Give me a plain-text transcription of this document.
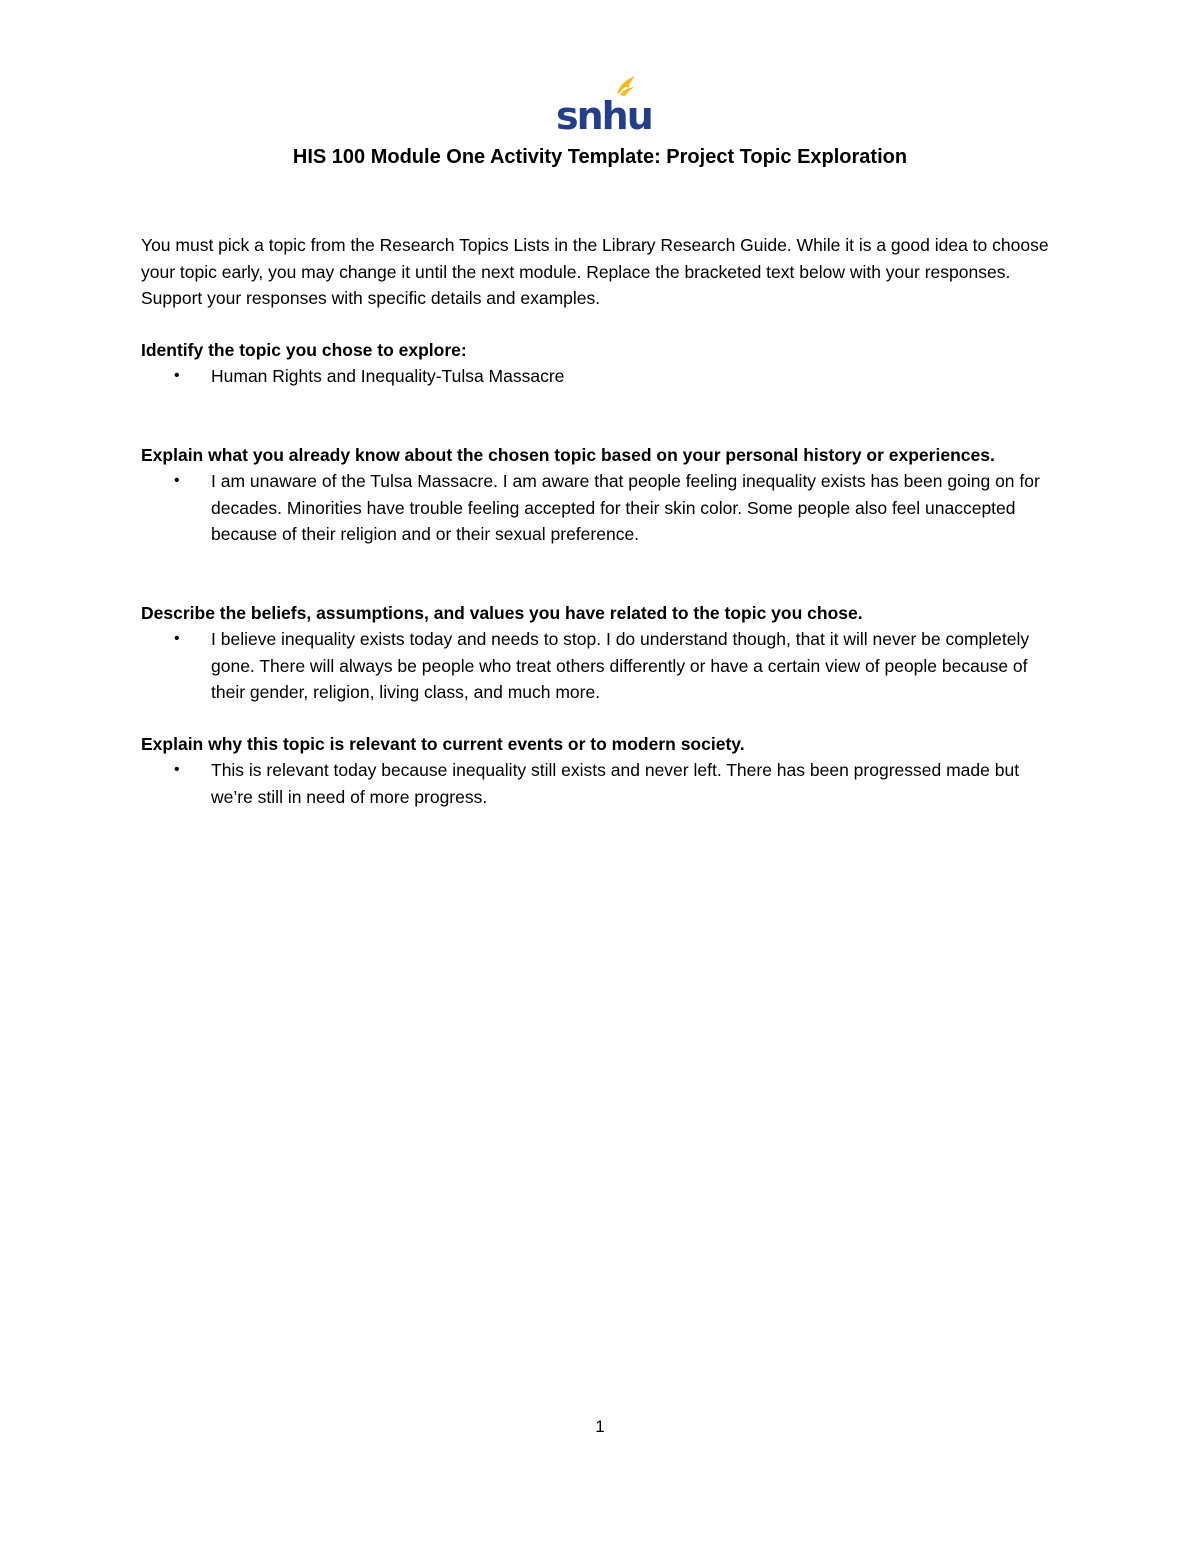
snhu
HIS 100 Module One Activity Template: Project Topic Exploration

You must pick a topic from the Research Topics Lists in the Library Research Guide. While it is a good idea to choose your topic early, you may change it until the next module. Replace the bracketed text below with your responses. Support your responses with specific details and examples.

Identify the topic you chose to explore:

• Human Rights and Inequality-Tulsa Massacre

Explain what you already know about the chosen topic based on your personal history or experiences.

• I am unaware of the Tulsa Massacre. I am aware that people feeling inequality exists has been going on for decades. Minorities have trouble feeling accepted for their skin color. Some people also feel unaccepted because of their religion and or their sexual preference.

Describe the beliefs, assumptions, and values you have related to the topic you chose.

• I believe inequality exists today and needs to stop. I do understand though, that it will never be completely gone. There will always be people who treat others differently or have a certain view of people because of their gender, religion, living class, and much more.

Explain why this topic is relevant to current events or to modern society.

• This is relevant today because inequality still exists and never left. There has been progressed made but we’re still in need of more progress.
1
